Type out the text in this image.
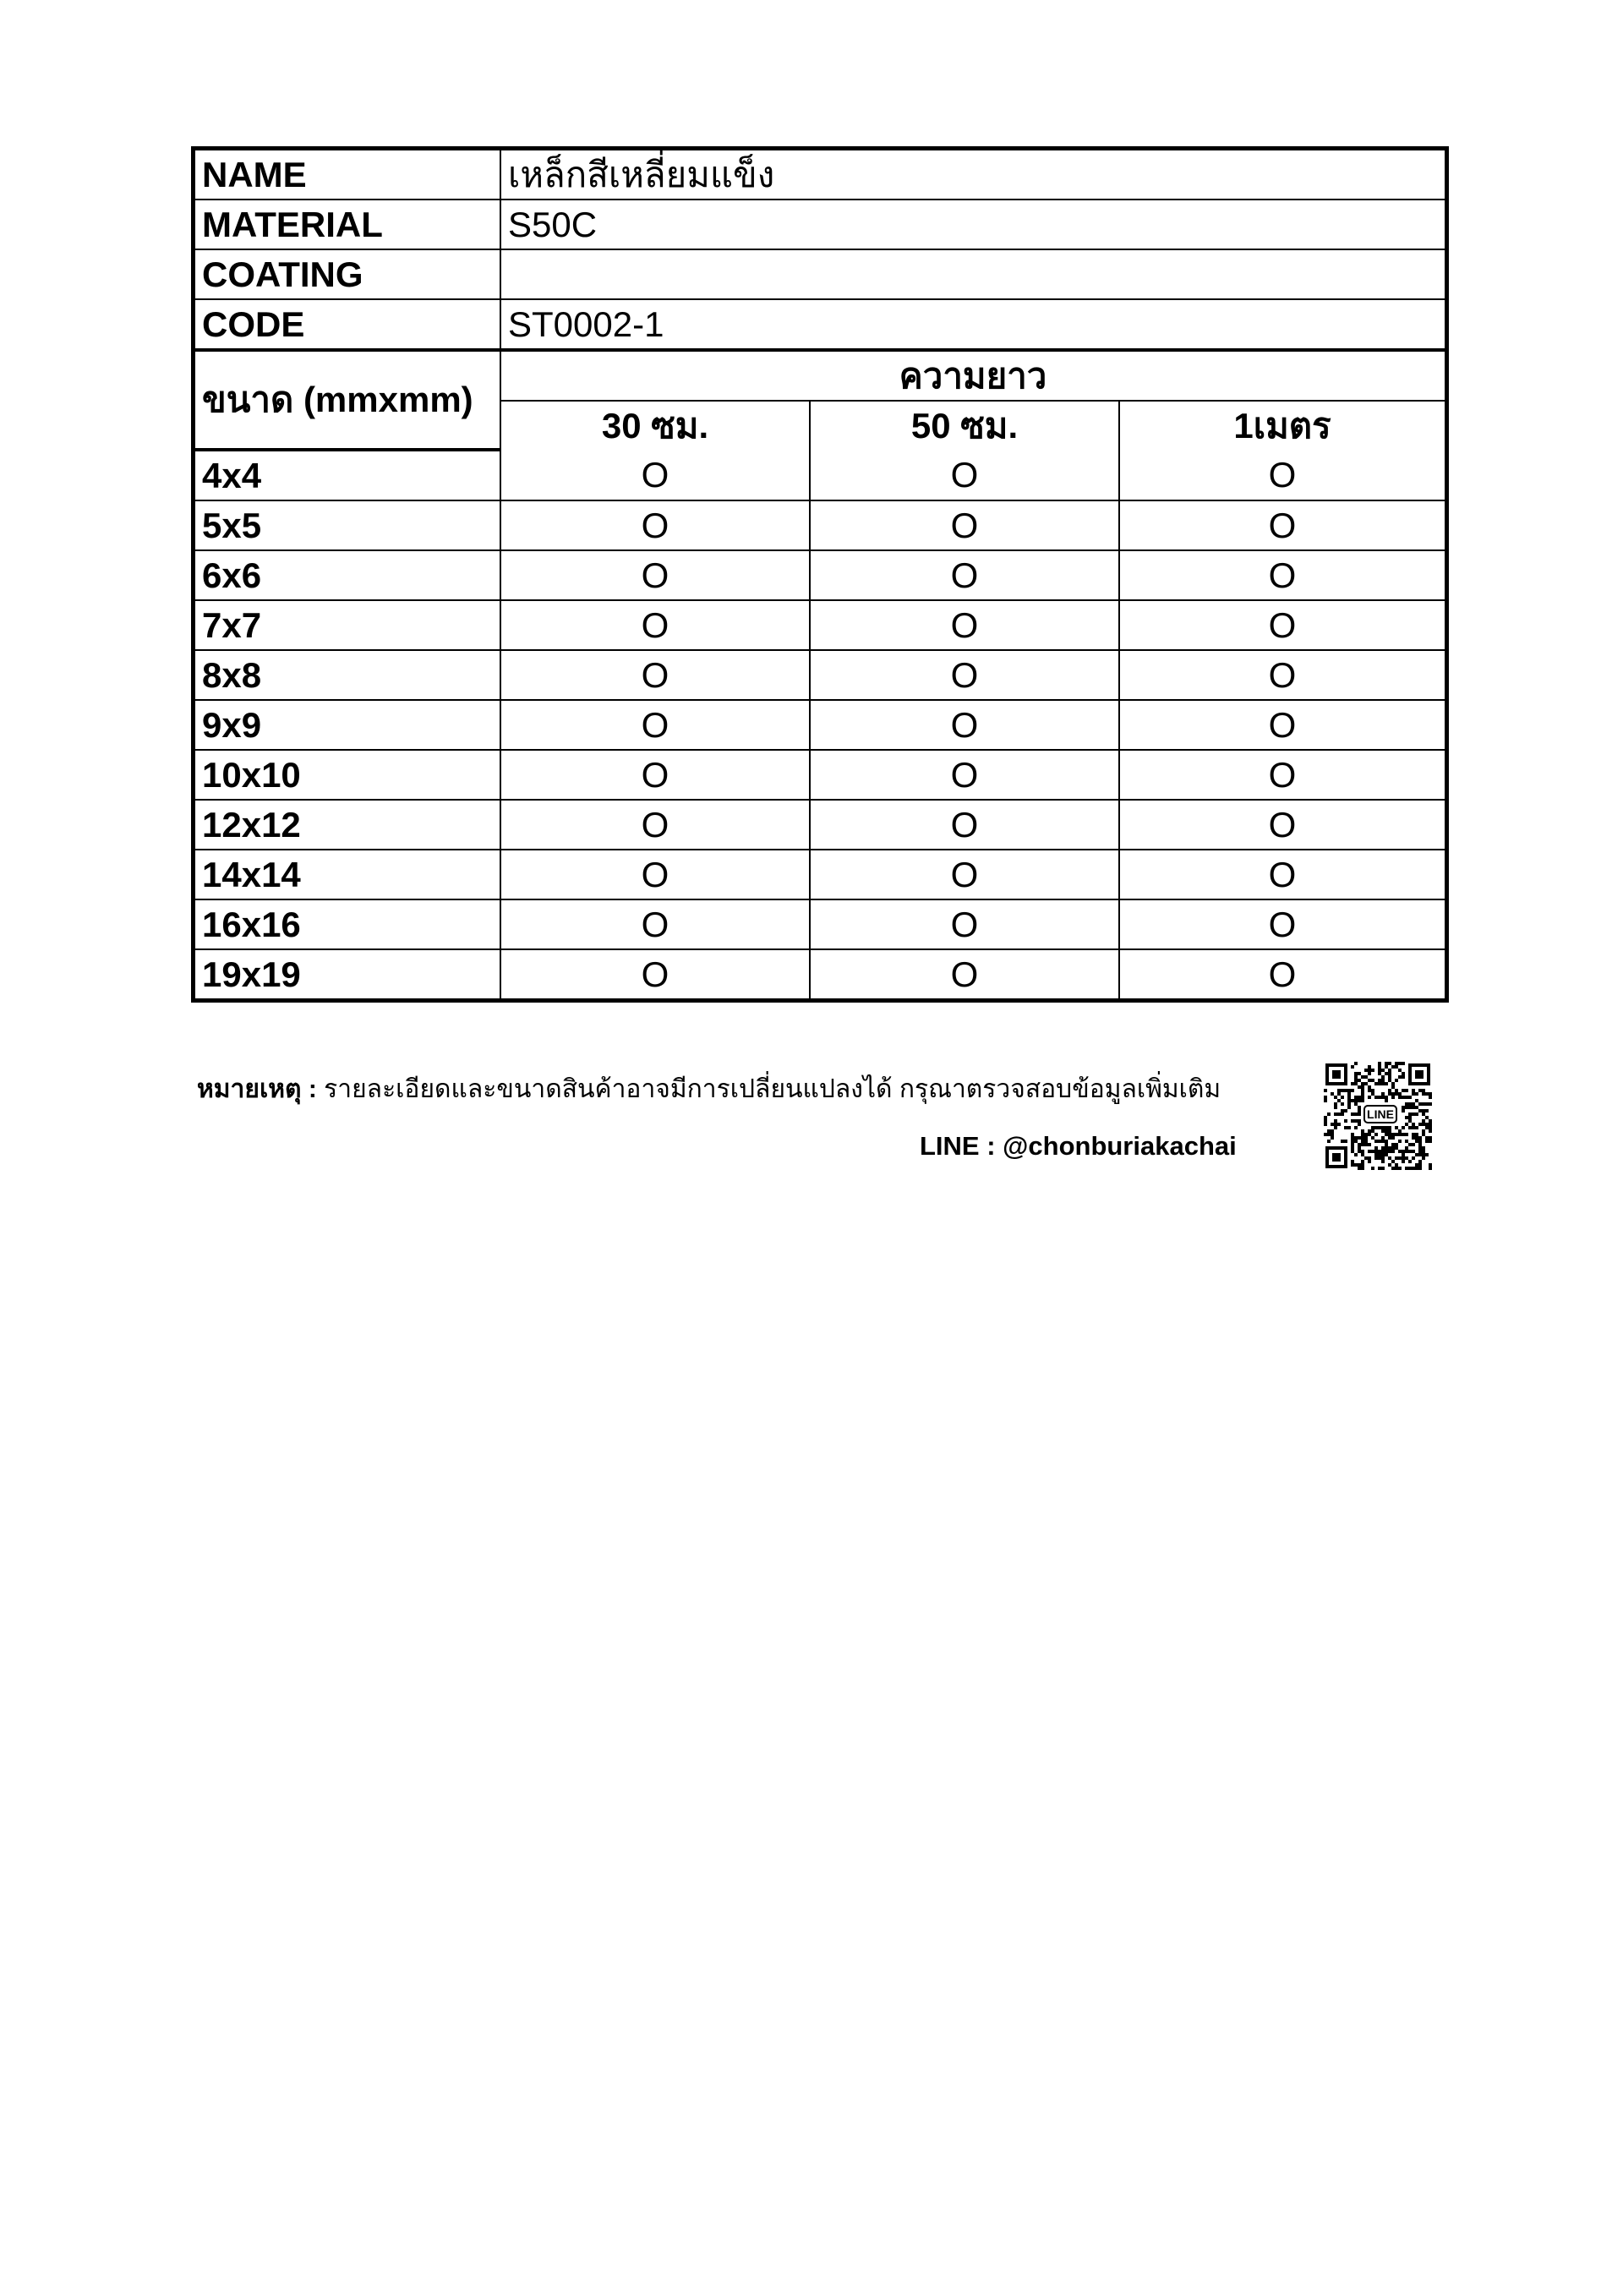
NAME	เหล็กสีเหลี่ยมแข็ง		
MATERIAL	S50C		
COATING			
CODE	ST0002-1		
ขนาด (mmxmm)	ความยาว		
	30 ซม.	50 ซม.	1เมตร
4x4	O	O	O
5x5	O	O	O
6x6	O	O	O
7x7	O	O	O
8x8	O	O	O
9x9	O	O	O
10x10	O	O	O
12x12	O	O	O
14x14	O	O	O
16x16	O	O	O
19x19	O	O	O
หมายเหตุ : รายละเอียดและขนาดสินค้าอาจมีการเปลี่ยนแปลงได้ กรุณาตรวจสอบข้อมูลเพิ่มเติม
LINE : @chonburiakachai
LINE
